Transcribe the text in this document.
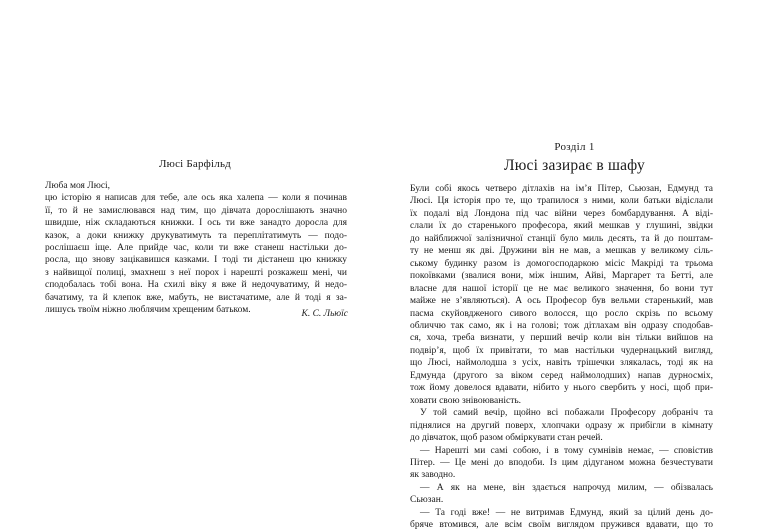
Люсі Барфільд
Люба моя Люсі,
цю історію я написав для тебе, але ось яка халепа — коли я починав
її, то й не замислювався над тим, що дівчата дорослішають значно
швидше, ніж складаються книжки. І ось ти вже занадто доросла для
казок, а доки книжку друкуватимуть та переплітатимуть — подо-
рослішаєш іще. Але прийде час, коли ти вже станеш настільки до-
росла, що знову зацікавишся казками. І тоді ти дістанеш цю книжку
з найвищої полиці, змахнеш з неї порох і нарешті розкажеш мені, чи
сподобалась тобі вона. На схилі віку я вже й недочуватиму, й недо-
бачатиму, та й клепок вже, мабуть, не вистачатиме, але й тоді я за-
лишусь твоїм ніжно люблячим хрещеним батьком.	К. С. Льюїс
Розділ 1
Люсі зазирає в шафу
Були собі якось четверо дітлахів на ім’я Пітер, Сьюзан, Едмунд та
Люсі. Ця історія про те, що трапилося з ними, коли батьки відіслали
їх подалі від Лондона під час війни через бомбардування. А віді-
слали їх до старенького професора, який мешкав у глушині, звідки
до найближчої залізничної станції було миль десять, та й до поштам-
ту не менш як дві. Дружини він не мав, а мешкав у великому сіль-
ському будинку разом із домогосподаркою місіс Макріді та трьома
покоївками (звалися вони, між іншим, Айві, Маргарет та Бетті, але
власне для нашої історії це не має великого значення, бо вони тут
майже не з’являються). А ось Професор був вельми старенький, мав
пасма скуйовдженого сивого волосся, що росло скрізь по всьому
обличчю так само, як і на голові; тож дітлахам він одразу сподобав-
ся, хоча, треба визнати, у перший вечір коли він тільки вийшов на
подвір’я, щоб їх привітати, то мав настільки чудернацький вигляд,
що Люсі, наймолодша з усіх, навіть трішечки злякалась, тоді як на
Едмунда (другого за віком серед наймолодших) напав дурносміх,
тож йому довелося вдавати, нібито у нього свербить у носі, щоб при-
ховати свою знівоюваність.
У той самий вечір, щойно всі побажали Професору добраніч та
піднялися на другий поверх, хлопчаки одразу ж прибігли в кімнату
до дівчаток, щоб разом обміркувати стан речей.
— Нарешті ми самі собою, і в тому сумнівів немає, — сповістив
Пітер. — Це мені до вподоби. Із цим дідуганом можна безчестувати
як заводно.
— А як на мене, він здається напрочуд милим, — обізвалась
Сьюзан.
— Та годі вже! — не витримав Едмунд, який за цілий день до-
бряче втомився, але всім своїм виглядом пружився вдавати, що то
